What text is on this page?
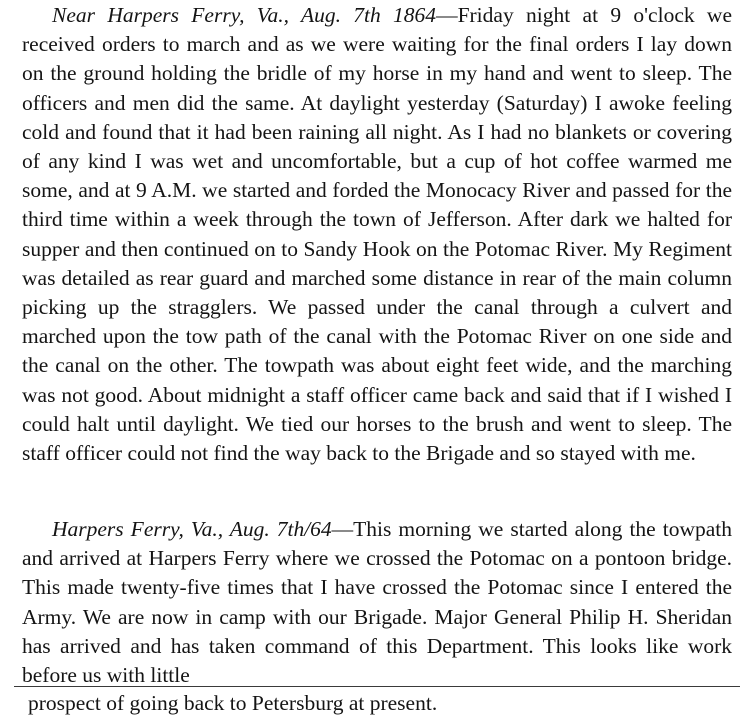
Near Harpers Ferry, Va., Aug. 7th 1864—Friday night at 9 o'clock we received orders to march and as we were waiting for the final orders I lay down on the ground holding the bridle of my horse in my hand and went to sleep. The officers and men did the same. At daylight yesterday (Saturday) I awoke feeling cold and found that it had been raining all night. As I had no blankets or covering of any kind I was wet and uncomfortable, but a cup of hot coffee warmed me some, and at 9 A.M. we started and forded the Monocacy River and passed for the third time within a week through the town of Jefferson. After dark we halted for supper and then continued on to Sandy Hook on the Potomac River. My Regiment was detailed as rear guard and marched some distance in rear of the main column picking up the stragglers. We passed under the canal through a culvert and marched upon the tow path of the canal with the Potomac River on one side and the canal on the other. The towpath was about eight feet wide, and the marching was not good. About midnight a staff officer came back and said that if I wished I could halt until daylight. We tied our horses to the brush and went to sleep. The staff officer could not find the way back to the Brigade and so stayed with me.

Harpers Ferry, Va., Aug. 7th/64—This morning we started along the towpath and arrived at Harpers Ferry where we crossed the Potomac on a pontoon bridge. This made twenty-five times that I have crossed the Potomac since I entered the Army. We are now in camp with our Brigade. Major General Philip H. Sheridan has arrived and has taken command of this Department. This looks like work before us with little

prospect of going back to Petersburg at present.
